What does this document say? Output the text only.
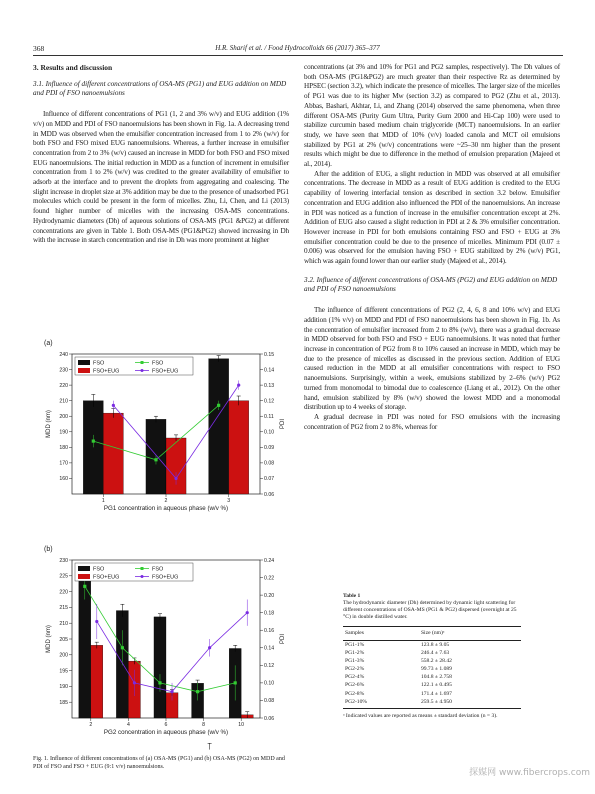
368	H.R. Sharif et al. / Food Hydrocolloids 66 (2017) 365–377

3. Results and discussion

3.1. Influence of different concentrations of OSA-MS (PG1) and EUG addition on MDD and PDI of FSO nanoemulsions

Influence of different concentrations of PG1 (1, 2 and 3% w/v) and EUG addition (1% v/v) on MDD and PDI of FSO nanoemulsions has been shown in Fig. 1a. A decreasing trend in MDD was observed when the emulsifier concentration increased from 1 to 2% (w/v) for both FSO and FSO mixed EUG nanoemulsions. Whereas, a further increase in emulsifier concentration from 2 to 3% (w/v) caused an increase in MDD for both FSO and FSO mixed EUG nanoemulsions. The initial reduction in MDD as a function of increment in emulsifier concentration from 1 to 2% (w/v) was credited to the greater availability of emulsifier to adsorb at the interface and to prevent the droplets from aggregating and coalescing. The slight increase in droplet size at 3% addition may be due to the presence of unadsorbed PG1 molecules which could be present in the form of micelles. Zhu, Li, Chen, and Li (2013) found higher number of micelles with the increasing OSA-MS concentrations. Hydrodynamic diameters (Dh) of aqueous solutions of OSA-MS (PG1 &PG2) at different concentrations are given in Table 1. Both OSA-MS (PG1&PG2) showed increasing in Dh with the increase in starch concentration and rise in Dh was more prominent at higher

(a)
160
170
180
190
200
210
220
230
240
0.06
0.07
0.08
0.09
0.10
0.11
0.12
0.13
0.14
0.15
MDD (nm)	PDI
PG1 concentration in aqueous phase (w/v %)
1	2	3
FSO
FSO+EUG
FSO
FSO+EUG
(b)
185
190
195
200
205
210
215
220
225
230
0.06
0.08
0.10
0.12
0.14
0.16
0.18
0.20
0.22
0.24
MDD (nm)	PDI
PG2 concentration in aqueous phase (w/v %)
2	4	6	8	10
FSO
FSO+EUG
FSO
FSO+EUG
Fig. 1. Influence of different concentrations of (a) OSA-MS (PG1) and (b) OSA-MS (PG2) on MDD and PDI of FSO and FSO + EUG (9:1 v/v) nanoemulsions.

concentrations (at 3% and 10% for PG1 and PG2 samples, respectively). The Dh values of both OSA-MS (PG1&PG2) are much greater than their respective Rz as determined by HPSEC (section 3.2), which indicate the presence of micelles. The larger size of the micelles of PG1 was due to its higher Mw (section 3.2) as compared to PG2 (Zhu et al., 2013). Abbas, Bashari, Akhtar, Li, and Zhang (2014) observed the same phenomena, when three different OSA-MS (Purity Gum Ultra, Purity Gum 2000 and Hi-Cap 100) were used to stabilize curcumin based medium chain triglyceride (MCT) nanoemulsions. In an earlier study, we have seen that MDD of 10% (v/v) loaded canola and MCT oil emulsions stabilized by PG1 at 2% (w/v) concentrations were ~25–30 nm higher than the present results which might be due to difference in the method of emulsion preparation (Majeed et al., 2014).

After the addition of EUG, a slight reduction in MDD was observed at all emulsifier concentrations. The decrease in MDD as a result of EUG addition is credited to the EUG capability of lowering interfacial tension as described in section 3.2 below. Emulsifier concentration and EUG addition also influenced the PDI of the nanoemulsions. An increase in PDI was noticed as a function of increase in the emulsifier concentration except at 2%. Addition of EUG also caused a slight reduction in PDI at 2 & 3% emulsifier concentration. However increase in PDI for both emulsions containing FSO and FSO + EUG at 3% emulsifier concentration could be due to the presence of micelles. Minimum PDI (0.07 ± 0.006) was observed for the emulsion having FSO + EUG stabilized by 2% (w/v) PG1, which was again found lower than our earlier study (Majeed et al., 2014).

3.2. Influence of different concentrations of OSA-MS (PG2) and EUG addition on MDD and PDI of FSO nanoemulsions

The influence of different concentrations of PG2 (2, 4, 6, 8 and 10% w/v) and EUG addition (1% v/v) on MDD and PDI of FSO nanoemulsions has been shown in Fig. 1b. As the concentration of emulsifier increased from 2 to 8% (w/v), there was a gradual decrease in MDD observed for both FSO and FSO + EUG nanoemulsions. It was noted that further increase in concentration of PG2 from 8 to 10% caused an increase in MDD, which may be due to the presence of micelles as discussed in the previous section. Addition of EUG caused reduction in the MDD at all emulsifier concentrations with respect to FSO nanoemulsions. Surprisingly, within a week, emulsions stabilized by 2–6% (w/v) PG2 turned from monomodal to bimodal due to coalescence (Liang et al., 2012). On the other hand, emulsion stabilized by 8% (w/v) showed the lowest MDD and a monomodal distribution up to 4 weeks of storage.

A gradual decrease in PDI was noted for FSO emulsions with the increasing concentration of PG2 from 2 to 8%, whereas for

Table 1
The hydrodynamic diameter (Dh) determined by dynamic light scattering for different concentrations of OSA-MS (PG1 & PG2) dispersed (overnight at 25 °C) in double distilled water.
Samples	Size (nm)ᵃ
PG1-1%	123.8 ± 9.05
PG1-2%	246.4 ± 7.63
PG1-3%	558.2 ± 28.42
PG2-2%	99.73 ± 1.089
PG2-4%	104.8 ± 2.758
PG2-6%	122.1 ± 0.495
PG2-8%	171.4 ± 1.697
PG2-10%	259.5 ± 4.950
ᵃ Indicated values are reported as means ± standard deviation (n = 3).
探媒网 www.fibercrops.com
